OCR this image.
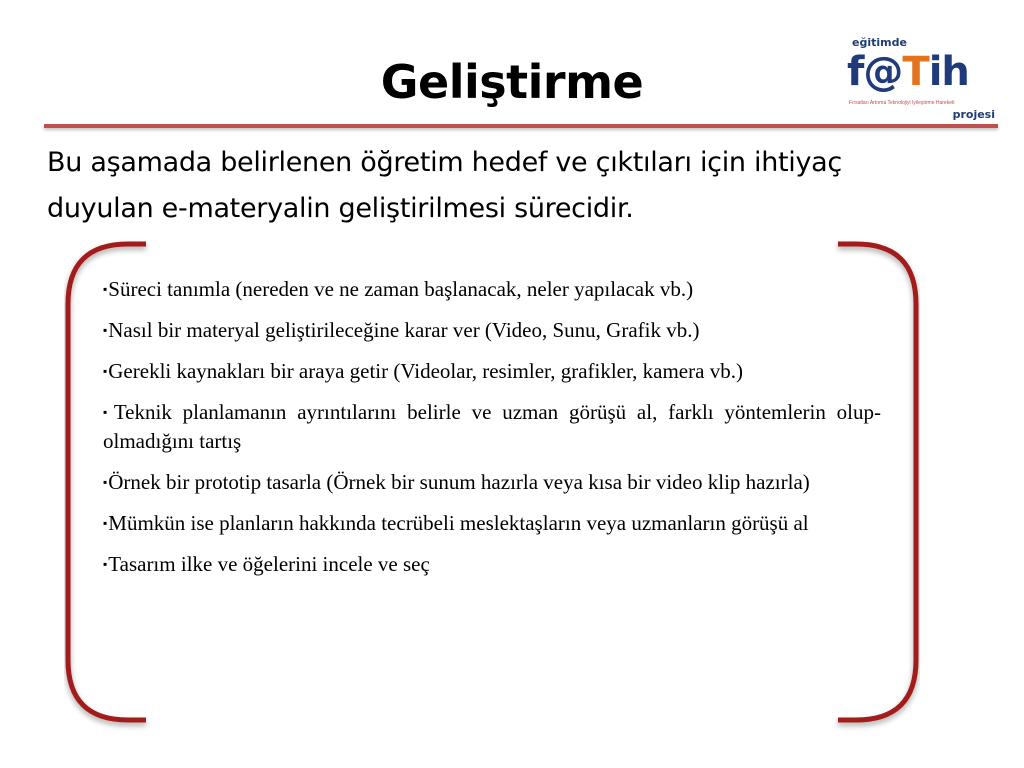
Geliştirme
eğitimde
f@Tih
Fırsatları Artırma Teknolojiyi İyileştirme Hareketi
projesi

Bu aşamada belirlenen öğretim hedef ve çıktıları için ihtiyaç duyulan e-materyalin geliştirilmesi sürecidir.

▪Süreci tanımla (nereden ve ne zaman başlanacak, neler yapılacak vb.)
▪Nasıl bir materyal geliştirileceğine karar ver (Video, Sunu, Grafik vb.)
▪Gerekli kaynakları bir araya getir (Videolar, resimler, grafikler, kamera vb.)
▪Teknik planlamanın ayrıntılarını belirle ve uzman görüşü al, farklı yöntemlerin olup-olmadığını tartış
▪Örnek bir prototip tasarla (Örnek bir sunum hazırla veya kısa bir video klip hazırla)
▪Mümkün ise planların hakkında tecrübeli meslektaşların veya uzmanların görüşü al
▪Tasarım ilke ve öğelerini incele ve seç
